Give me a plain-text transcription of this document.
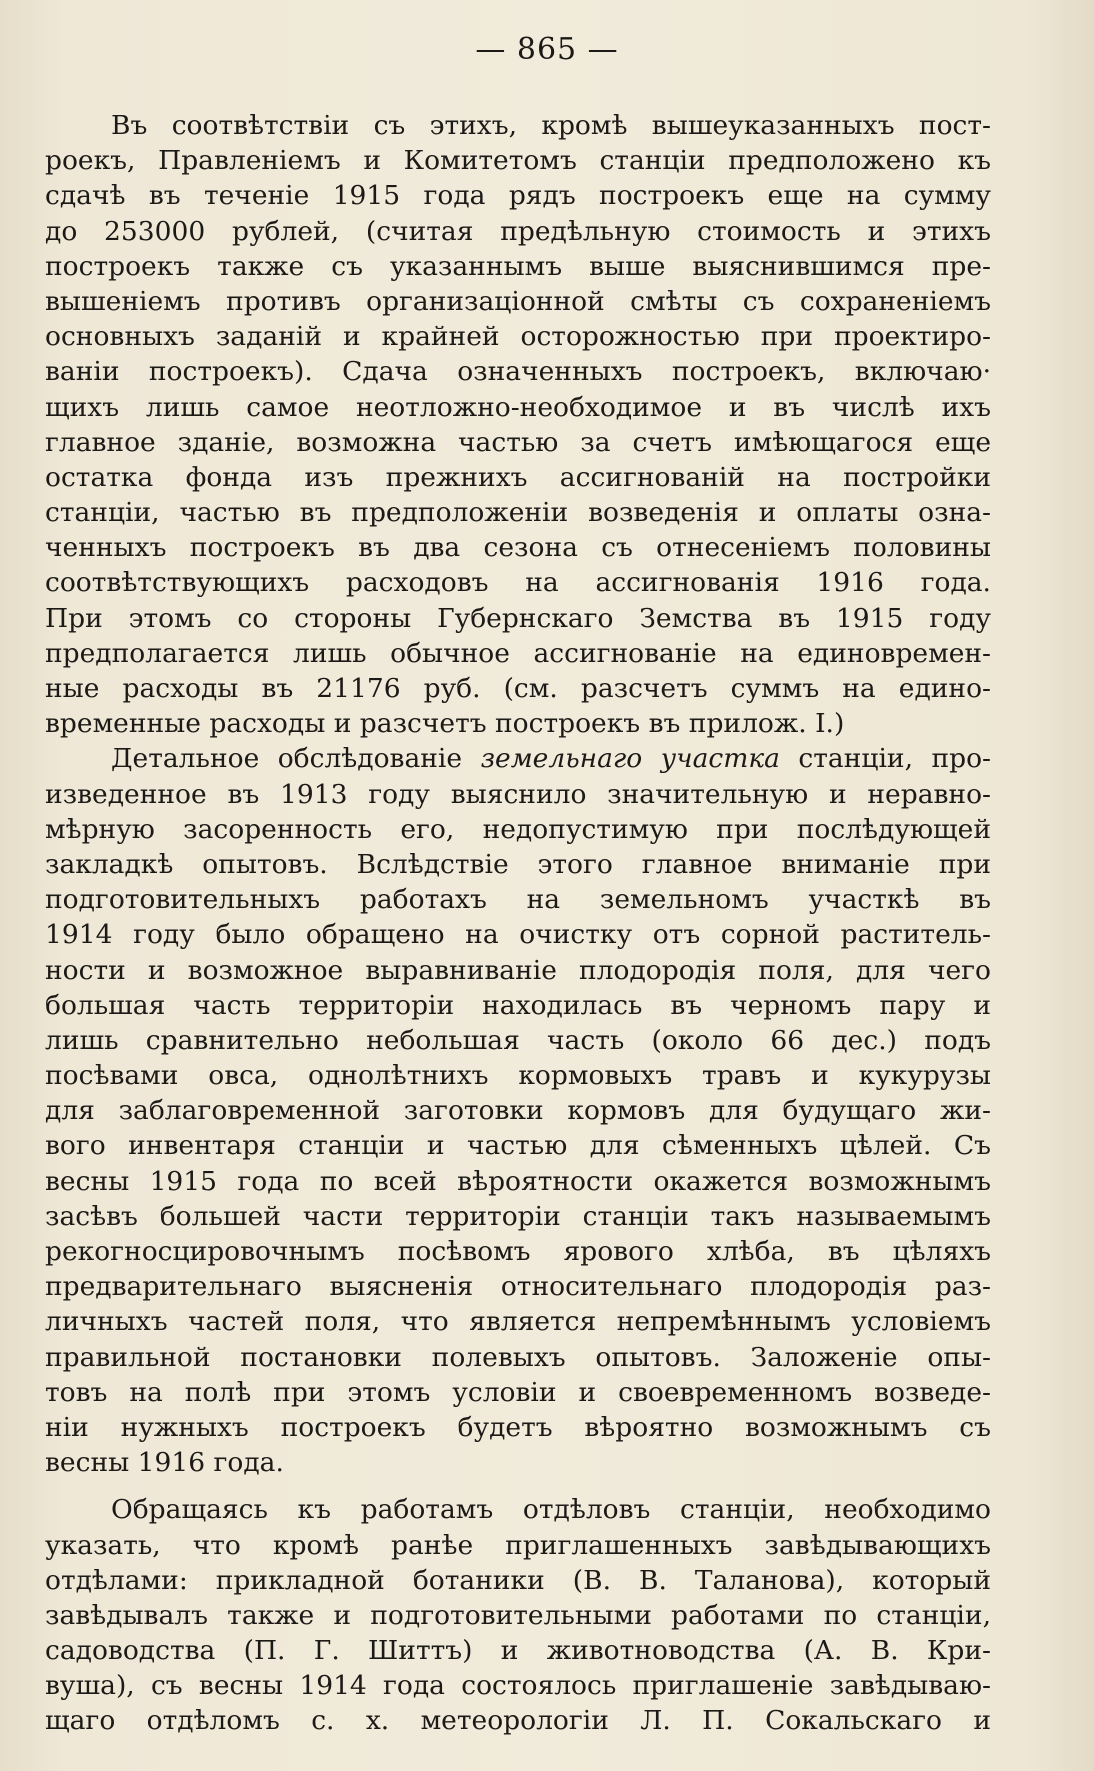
— 865 —
Въ соотвѣтствіи съ этихъ, кромѣ вышеуказанныхъ пост-
роекъ, Правленіемъ и Комитетомъ станціи предположено къ
сдачѣ въ теченіе 1915 года рядъ построекъ еще на сумму
до 253000 рублей, (считая предѣльную стоимость и этихъ
построекъ также съ указаннымъ выше выяснившимся пре-
вышеніемъ противъ организаціонной смѣты съ сохраненіемъ
основныхъ заданій и крайней осторожностью при проектиро-
ваніи построекъ). Сдача означенныхъ построекъ, включаю·
щихъ лишь самое неотложно-необходимое и въ числѣ ихъ
главное зданіе, возможна частью за счетъ имѣющагося еще
остатка фонда изъ прежнихъ ассигнованій на постройки
станціи, частью въ предположеніи возведенія и оплаты озна-
ченныхъ построекъ въ два сезона съ отнесеніемъ половины
соотвѣтствующихъ расходовъ на ассигнованія 1916 года.
При этомъ со стороны Губернскаго Земства въ 1915 году
предполагается лишь обычное ассигнованіе на единовремен-
ные расходы въ 21176 руб. (см. разсчетъ суммъ на едино-
временные расходы и разсчетъ построекъ въ прилож. I.)
Детальное обслѣдованіе земельнаго участка станціи, про-
изведенное въ 1913 году выяснило значительную и неравно-
мѣрную засоренность его, недопустимую при послѣдующей
закладкѣ опытовъ. Вслѣдствіе этого главное вниманіе при
подготовительныхъ работахъ на земельномъ участкѣ въ
1914 году было обращено на очистку отъ сорной раститель-
ности и возможное выравниваніе плодородія поля, для чего
большая часть территоріи находилась въ черномъ пару и
лишь сравнительно небольшая часть (около 66 дес.) подъ
посѣвами овса, однолѣтнихъ кормовыхъ травъ и кукурузы
для заблаговременной заготовки кормовъ для будущаго жи-
вого инвентаря станціи и частью для сѣменныхъ цѣлей. Съ
весны 1915 года по всей вѣроятности окажется возможнымъ
засѣвъ большей части территоріи станціи такъ называемымъ
рекогносцировочнымъ посѣвомъ ярового хлѣба, въ цѣляхъ
предварительнаго выясненія относительнаго плодородія раз-
личныхъ частей поля, что является непремѣннымъ условіемъ
правильной постановки полевыхъ опытовъ. Заложеніе опы-
товъ на полѣ при этомъ условіи и своевременномъ возведе-
ніи нужныхъ построекъ будетъ вѣроятно возможнымъ съ
весны 1916 года.
Обращаясь къ работамъ отдѣловъ станціи, необходимо
указать, что кромѣ ранѣе приглашенныхъ завѣдывающихъ
отдѣлами: прикладной ботаники (В. В. Таланова), который
завѣдывалъ также и подготовительными работами по станціи,
садоводства (П. Г. Шиттъ) и животноводства (А. В. Кри-
вуша), съ весны 1914 года состоялось приглашеніе завѣдываю-
щаго отдѣломъ с. х. метеорологіи Л. П. Сокальскаго и
